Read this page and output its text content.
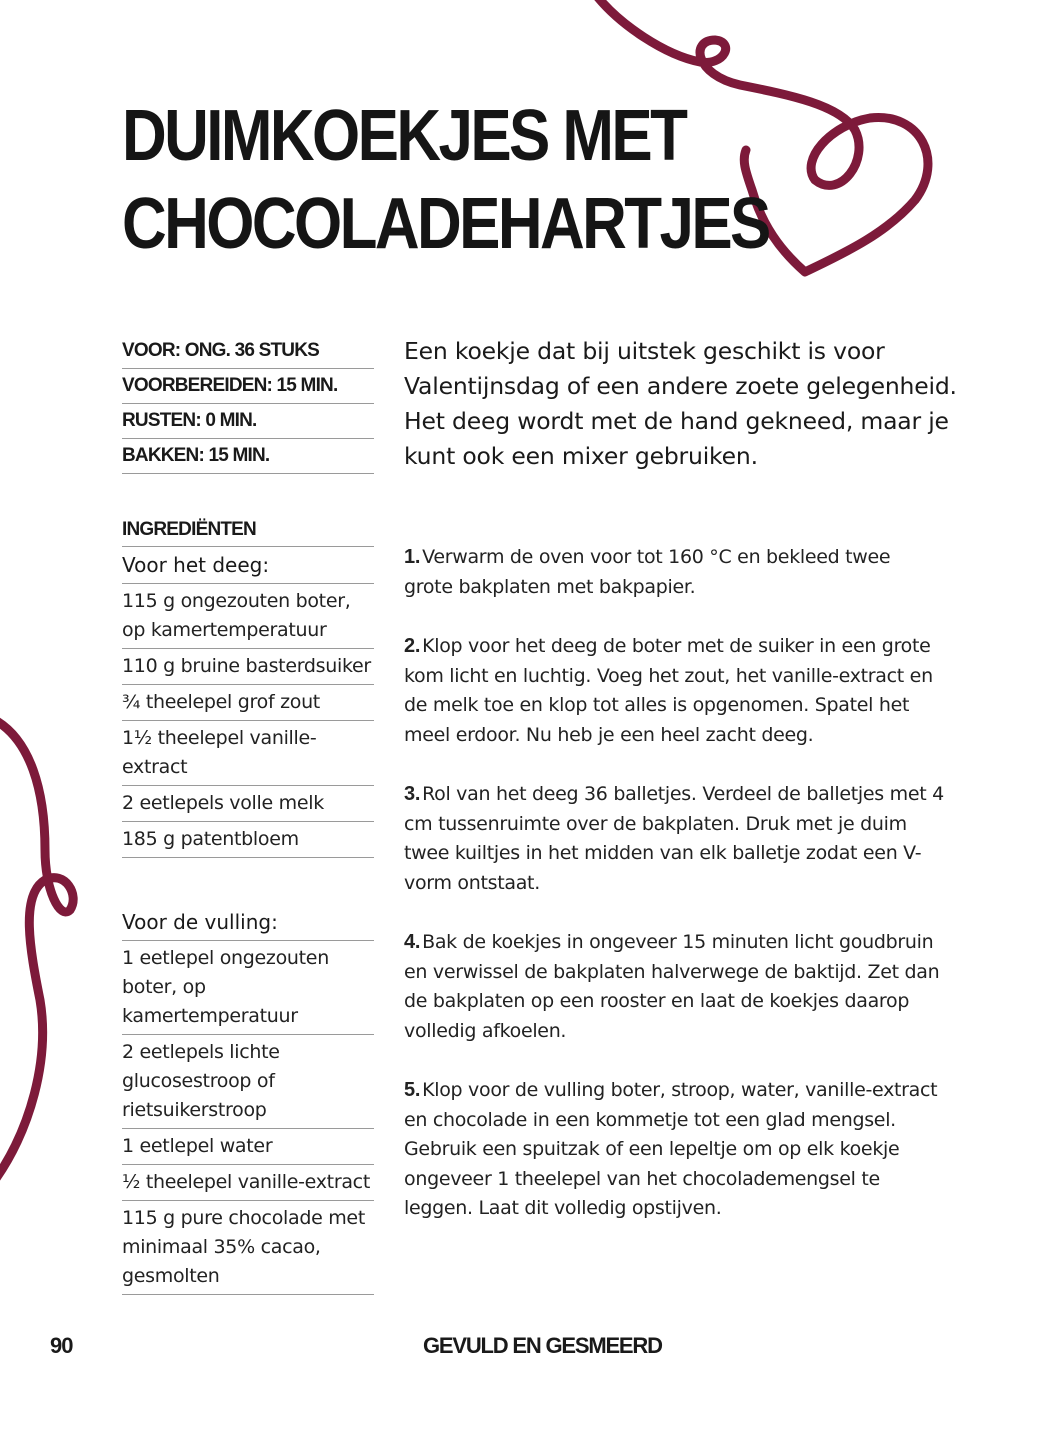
DUIMKOEKJES MET
CHOCOLADEHARTJES
VOOR: ONG. 36 STUKS
VOORBEREIDEN: 15 MIN.
RUSTEN: 0 MIN.
BAKKEN: 15 MIN.

Een koekje dat bij uitstek geschikt is voor Valentijnsdag of een andere zoete gelegenheid. Het deeg wordt met de hand gekneed, maar je kunt ook een mixer gebruiken.

INGREDIËNTEN
Voor het deeg:
115 g ongezouten boter, op kamertemperatuur
110 g bruine basterdsuiker
¾ theelepel grof zout
1½ theelepel vanille-extract
2 eetlepels volle melk
185 g patentbloem
Voor de vulling:
1 eetlepel ongezouten boter, op kamertemperatuur
2 eetlepels lichte glucosestroop of rietsuikerstroop
1 eetlepel water
½ theelepel vanille-extract
115 g pure chocolade met minimaal 35% cacao, gesmolten

1. Verwarm de oven voor tot 160 °C en bekleed twee grote bakplaten met bakpapier.

2. Klop voor het deeg de boter met de suiker in een grote kom licht en luchtig. Voeg het zout, het vanille-extract en de melk toe en klop tot alles is opgenomen. Spatel het meel erdoor. Nu heb je een heel zacht deeg.

3. Rol van het deeg 36 balletjes. Verdeel de balletjes met 4 cm tussenruimte over de bakplaten. Druk met je duim twee kuiltjes in het midden van elk balletje zodat een V-vorm ontstaat.

4. Bak de koekjes in ongeveer 15 minuten licht goudbruin en verwissel de bakplaten halverwege de baktijd. Zet dan de bakplaten op een rooster en laat de koekjes daarop volledig afkoelen.

5. Klop voor de vulling boter, stroop, water, vanille-extract en chocolade in een kommetje tot een glad mengsel. Gebruik een spuitzak of een lepeltje om op elk koekje ongeveer 1 theelepel van het chocolademengsel te leggen. Laat dit volledig opstijven.

90	GEVULD EN GESMEERD
